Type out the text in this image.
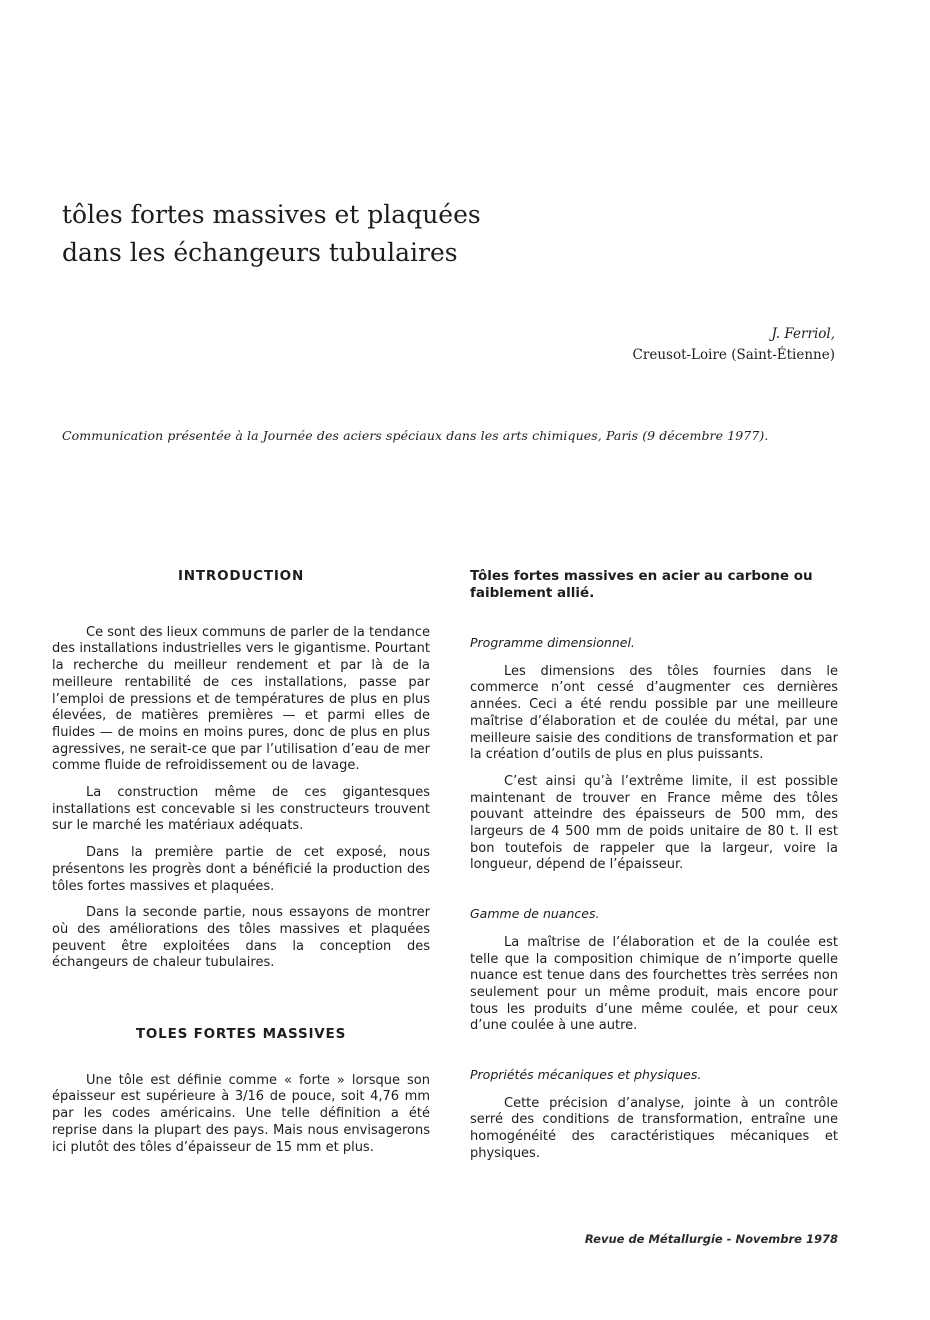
tôles fortes massives et plaquées
dans les échangeurs tubulaires
J. Ferriol,
Creusot-Loire (Saint-Étienne)
Communication présentée à la Journée des aciers spéciaux dans les arts chimiques, Paris (9 décembre 1977).
INTRODUCTION

Ce sont des lieux communs de parler de la tendance des installations industrielles vers le gigantisme. Pourtant la recherche du meilleur rendement et par là de la meilleure rentabilité de ces installations, passe par l’emploi de pressions et de températures de plus en plus élevées, de matières premières — et parmi elles de fluides — de moins en moins pures, donc de plus en plus agressives, ne serait-ce que par l’utilisation d’eau de mer comme fluide de refroidissement ou de lavage.

La construction même de ces gigantesques installations est concevable si les constructeurs trouvent sur le marché les matériaux adéquats.

Dans la première partie de cet exposé, nous présentons les progrès dont a bénéficié la production des tôles fortes massives et plaquées.

Dans la seconde partie, nous essayons de montrer où des améliorations des tôles massives et plaquées peuvent être exploitées dans la conception des échangeurs de chaleur tubulaires.

TOLES FORTES MASSIVES

Une tôle est définie comme « forte » lorsque son épaisseur est supérieure à 3/16 de pouce, soit 4,76 mm par les codes américains. Une telle définition a été reprise dans la plupart des pays. Mais nous envisagerons ici plutôt des tôles d’épaisseur de 15 mm et plus.

Tôles fortes massives en acier au carbone ou faiblement allié.

Programme dimensionnel.

Les dimensions des tôles fournies dans le commerce n’ont cessé d’augmenter ces dernières années. Ceci a été rendu possible par une meilleure maîtrise d’élaboration et de coulée du métal, par une meilleure saisie des conditions de transformation et par la création d’outils de plus en plus puissants.

C’est ainsi qu’à l’extrême limite, il est possible maintenant de trouver en France même des tôles pouvant atteindre des épaisseurs de 500 mm, des largeurs de 4 500 mm de poids unitaire de 80 t. Il est bon toutefois de rappeler que la largeur, voire la longueur, dépend de l’épaisseur.

Gamme de nuances.

La maîtrise de l’élaboration et de la coulée est telle que la composition chimique de n’importe quelle nuance est tenue dans des fourchettes très serrées non seulement pour un même produit, mais encore pour tous les produits d’une même coulée, et pour ceux d’une coulée à une autre.

Propriétés mécaniques et physiques.

Cette précision d’analyse, jointe à un contrôle serré des conditions de transformation, entraîne une homogénéité des caractéristiques mécaniques et physiques.

Revue de Métallurgie - Novembre 1978
